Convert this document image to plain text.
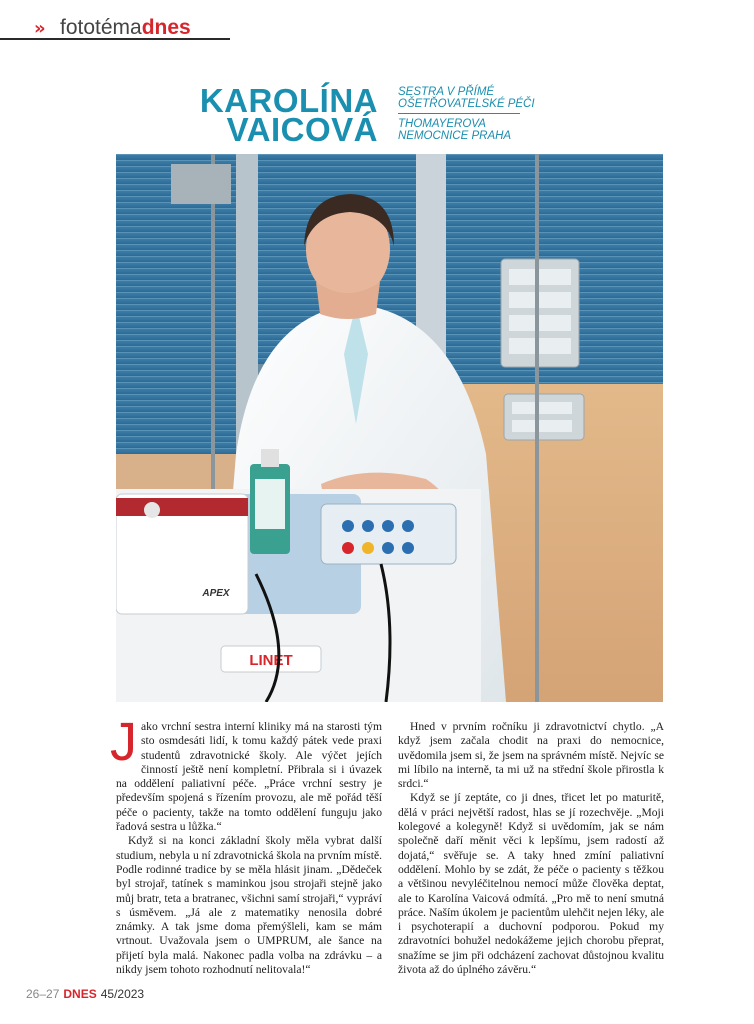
» fototémadnes
KAROLÍNA
VAICOVÁ
SESTRA V PŘÍMÉ
OŠETŘOVATELSKÉ PÉČI
THOMAYEROVA
NEMOCNICE PRAHA
LINET
APEX

Jako vrchní sestra interní kliniky má na starosti tým sto osmdesáti lidí, k tomu každý pátek vede praxi studentů zdravotnické školy. Ale výčet jejích činností ještě není kompletní. Přibrala si i úvazek na oddělení paliativní péče. „Práce vrchní sestry je především spojená s řízením provozu, ale mě pořád těší péče o pacienty, takže na tomto oddělení funguju jako řadová sestra u lůžka.“

Když si na konci základní školy měla vybrat další studium, nebyla u ní zdravotnická škola na prvním místě. Podle rodinné tradice by se měla hlásit jinam. „Dědeček byl strojař, tatínek s maminkou jsou strojaři stejně jako můj bratr, teta a bratranec, všichni samí strojaři,“ vypráví s úsměvem. „Já ale z matematiky nenosila dobré známky. A tak jsme doma přemýšleli, kam se mám vrtnout. Uvažovala jsem o UMPRUM, ale šance na přijetí byla malá. Nakonec padla volba na zdrávku – a nikdy jsem tohoto rozhodnutí nelitovala!“

Hned v prvním ročníku ji zdravotnictví chytlo. „A když jsem začala chodit na praxi do nemocnice, uvědomila jsem si, že jsem na správném místě. Nejvíc se mi líbilo na interně, ta mi už na střední škole přirostla k srdci.“

Když se jí zeptáte, co ji dnes, třicet let po maturitě, dělá v práci největší radost, hlas se jí rozechvěje. „Moji kolegové a kolegyně! Když si uvědomím, jak se nám společně daří měnit věci k lepšímu, jsem radostí až dojatá,“ svěřuje se. A taky hned zmíní paliativní oddělení. Mohlo by se zdát, že péče o pacienty s těžkou a většinou nevyléčitelnou nemocí může člověka deptat, ale to Karolína Vaicová odmítá. „Pro mě to není smutná práce. Naším úkolem je pacientům ulehčit nejen léky, ale i psychoterapií a duchovní podporou. Pokud my zdravotníci bohužel nedokážeme jejich chorobu přeprat, snažíme se jim při odcházení zachovat důstojnou kvalitu života až do úplného závěru.“

26–27 DNES 45/2023
